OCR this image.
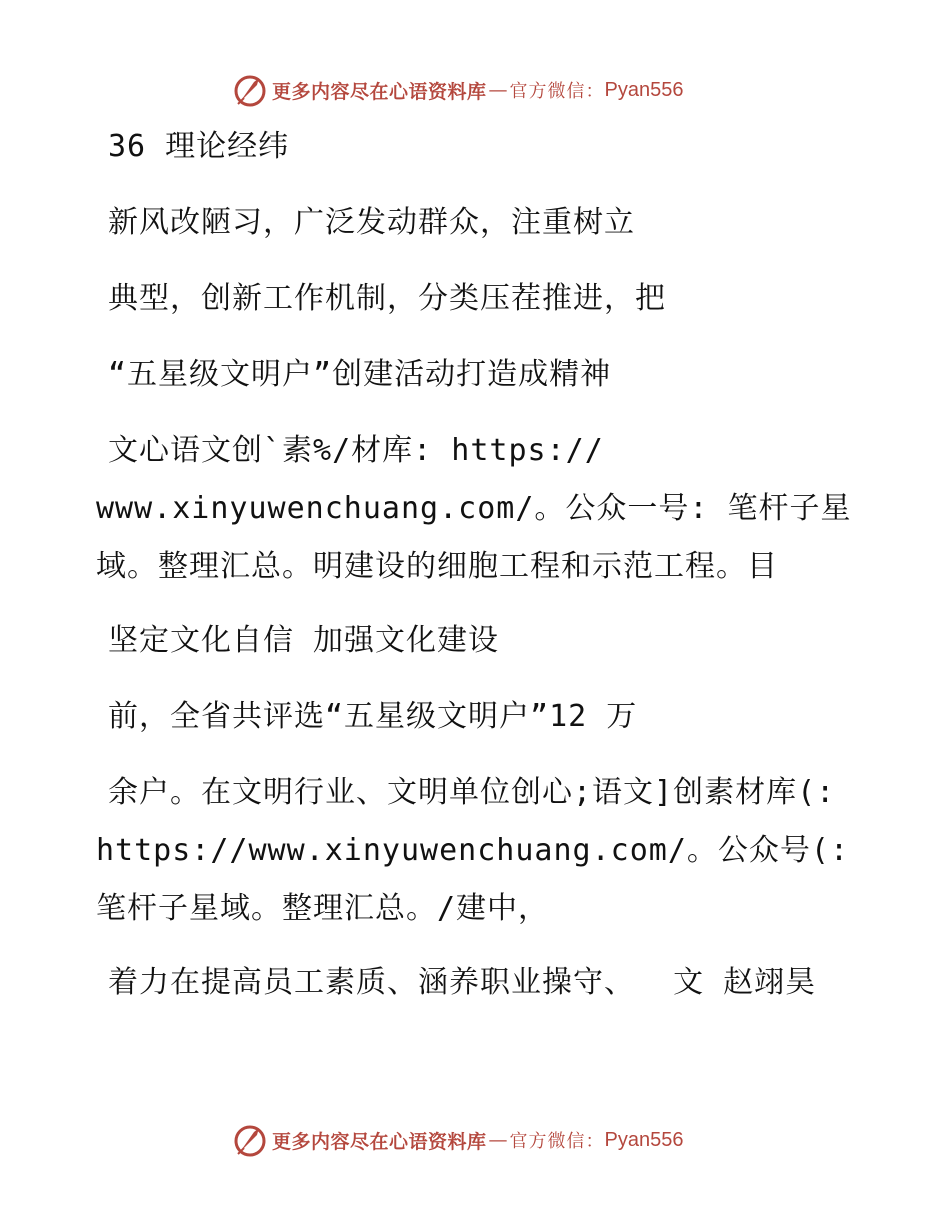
更多内容尽在心语资料库 — 官方微信： Pyan556

36 理论经纬

新风改陋习，广泛发动群众，注重树立

典型，创新工作机制，分类压茬推进，把

“五星级文明户”创建活动打造成精神

文心语文创`素%/材库: https://
www.xinyuwenchuang.com/。公众一号: 笔杆子星域。整理汇总。明建设的细胞工程和示范工程。目

坚定文化自信 加强文化建设

前，全省共评选“五星级文明户”12 万

余户。在文明行业、文明单位创心;语文]创素材库(: https://www.xinyuwenchuang.com/。公众号(: 笔杆子星域。整理汇总。/建中，

着力在提高员工素质、涵养职业操守、  文 赵翊昊

更多内容尽在心语资料库 — 官方微信： Pyan556
